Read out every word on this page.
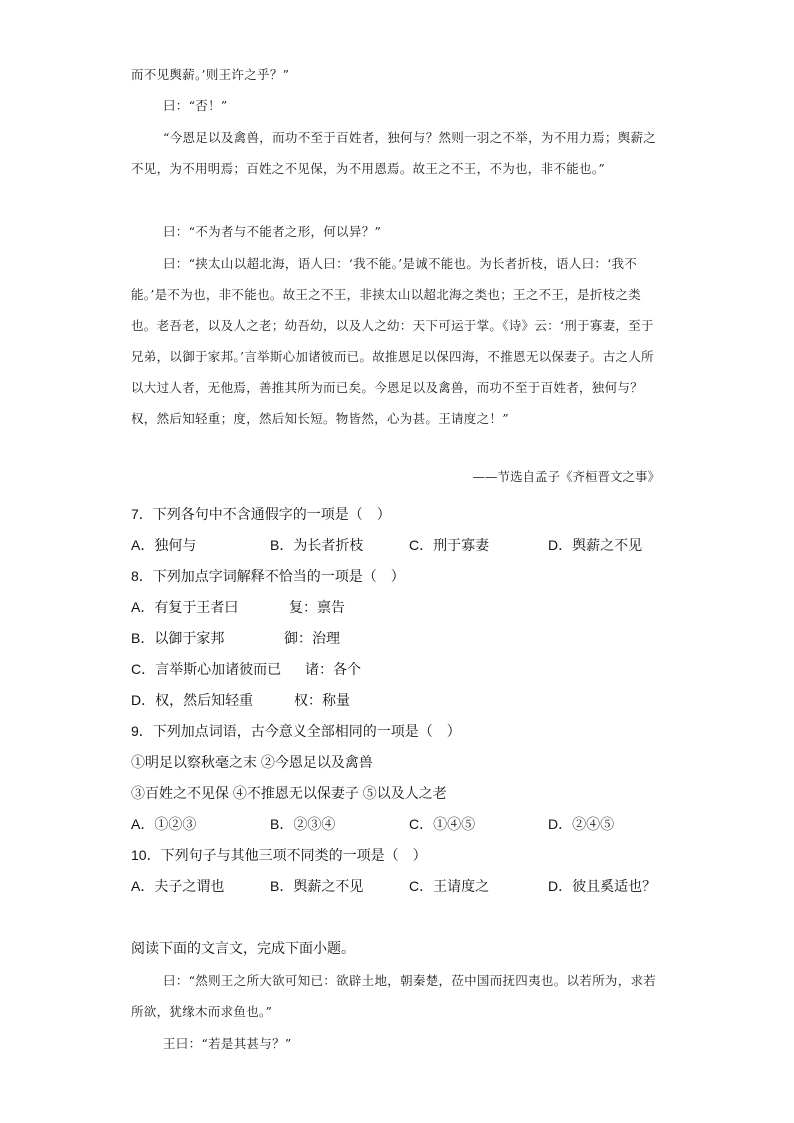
而不见舆薪。’则王许之乎？”
曰：“否！”
“今恩足以及禽兽，而功不至于百姓者，独何与？然则一羽之不举，为不用力焉；舆薪之不见，为不用明焉；百姓之不见保，为不用恩焉。故王之不王，不为也，非不能也。”
曰：“不为者与不能者之形，何以异？”
曰：“挟太山以超北海，语人曰：‘我不能。’是诚不能也。为长者折枝，语人曰：‘我不能。’是不为也，非不能也。故王之不王，非挟太山以超北海之类也；王之不王，是折枝之类也。老吾老，以及人之老；幼吾幼，以及人之幼：天下可运于掌。《诗》云：‘刑于寡妻，至于兄弟，以御于家邦。’言举斯心加诸彼而已。故推恩足以保四海，不推恩无以保妻子。古之人所以大过人者，无他焉，善推其所为而已矣。今恩足以及禽兽，而功不至于百姓者，独何与？权，然后知轻重；度，然后知长短。物皆然，心为甚。王请度之！”
——节选自孟子《齐桓晋文之事》
7．下列各句中不含通假字的一项是（　）
A．独何与	B．为长者折枝	C．刑于寡妻	D．舆薪之不见
8．下列加点字词解释不恰当的一项是（　）
A．有复于王者曰	复：禀告
B．以御于家邦	御：治理
C．言举斯心加诸彼而已 诸：各个
D．权，然后知轻重	权：称量
9．下列加点词语，古今意义全部相同的一项是（　）
①明足以察秋毫之末 ②今恩足以及禽兽
③百姓之不见保 ④不推恩无以保妻子 ⑤以及人之老
A．①②③	B．②③④	C．①④⑤	D．②④⑤
10．下列句子与其他三项不同类的一项是（　）
A．夫子之谓也	B．舆薪之不见	C．王请度之	D．彼且奚适也？
阅读下面的文言文，完成下面小题。
曰：“然则王之所大欲可知已：欲辟土地，朝秦楚，莅中国而抚四夷也。以若所为，求若所欲，犹缘木而求鱼也。”
王曰：“若是其甚与？”
